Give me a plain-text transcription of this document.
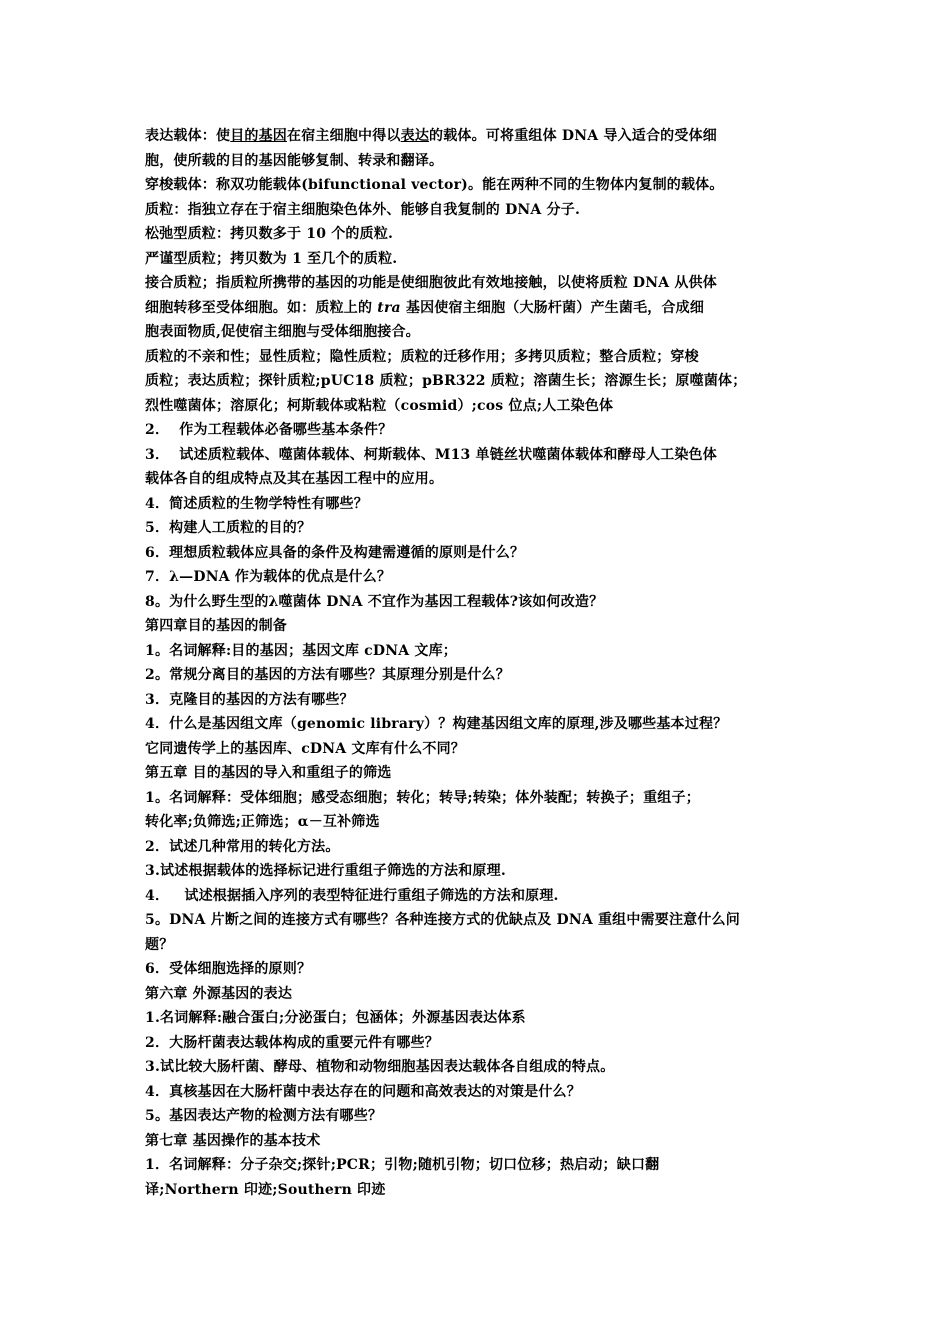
表达载体：使目的基因在宿主细胞中得以表达的载体。可将重组体 DNA 导入适合的受体细
胞，使所载的目的基因能够复制、转录和翻译。
穿梭载体：称双功能载体(bifunctional vector)。能在两种不同的生物体内复制的载体。
质粒：指独立存在于宿主细胞染色体外、能够自我复制的 DNA 分子.
松弛型质粒：拷贝数多于 10 个的质粒.
严谨型质粒；拷贝数为 1 至几个的质粒.
接合质粒；指质粒所携带的基因的功能是使细胞彼此有效地接触，以使将质粒 DNA 从供体
细胞转移至受体细胞。如：质粒上的 tra 基因使宿主细胞（大肠杆菌）产生菌毛，合成细
胞表面物质,促使宿主细胞与受体细胞接合。
质粒的不亲和性；显性质粒；隐性质粒；质粒的迁移作用；多拷贝质粒；整合质粒；穿梭
质粒；表达质粒；探针质粒;pUC18 质粒；pBR322 质粒；溶菌生长；溶源生长；原噬菌体；
烈性噬菌体；溶原化；柯斯载体或粘粒（cosmid）;cos 位点;人工染色体
2．  作为工程载体必备哪些基本条件？
3．  试述质粒载体、噬菌体载体、柯斯载体、M13 单链丝状噬菌体载体和酵母人工染色体
载体各自的组成特点及其在基因工程中的应用。
4．简述质粒的生物学特性有哪些？
5．构建人工质粒的目的？
6．理想质粒载体应具备的条件及构建需遵循的原则是什么？
7．λ—DNA 作为载体的优点是什么？
8。为什么野生型的λ噬菌体 DNA 不宜作为基因工程载体?该如何改造？
第四章目的基因的制备
1。名词解释:目的基因；基因文库 cDNA 文库；
2。常规分离目的基因的方法有哪些？其原理分别是什么？
3．克隆目的基因的方法有哪些？
4．什么是基因组文库（genomic library）？构建基因组文库的原理,涉及哪些基本过程？
它同遗传学上的基因库、cDNA 文库有什么不同？
第五章 目的基因的导入和重组子的筛选
1。名词解释：受体细胞；感受态细胞；转化；转导;转染；体外装配；转换子；重组子；
转化率;负筛选;正筛选；α－互补筛选
2．试述几种常用的转化方法。
3.试述根据载体的选择标记进行重组子筛选的方法和原理.
4．   试述根据插入序列的表型特征进行重组子筛选的方法和原理.
5。DNA 片断之间的连接方式有哪些？各种连接方式的优缺点及 DNA 重组中需要注意什么问
题？
6．受体细胞选择的原则？
第六章 外源基因的表达
1.名词解释:融合蛋白;分泌蛋白；包涵体；外源基因表达体系
2．大肠杆菌表达载体构成的重要元件有哪些？
3.试比较大肠杆菌、酵母、植物和动物细胞基因表达载体各自组成的特点。
4．真核基因在大肠杆菌中表达存在的问题和高效表达的对策是什么？
5。基因表达产物的检测方法有哪些？
第七章 基因操作的基本技术
1．名词解释：分子杂交;探针;PCR；引物;随机引物；切口位移；热启动；缺口翻
译;Northern 印迹;Southern 印迹
